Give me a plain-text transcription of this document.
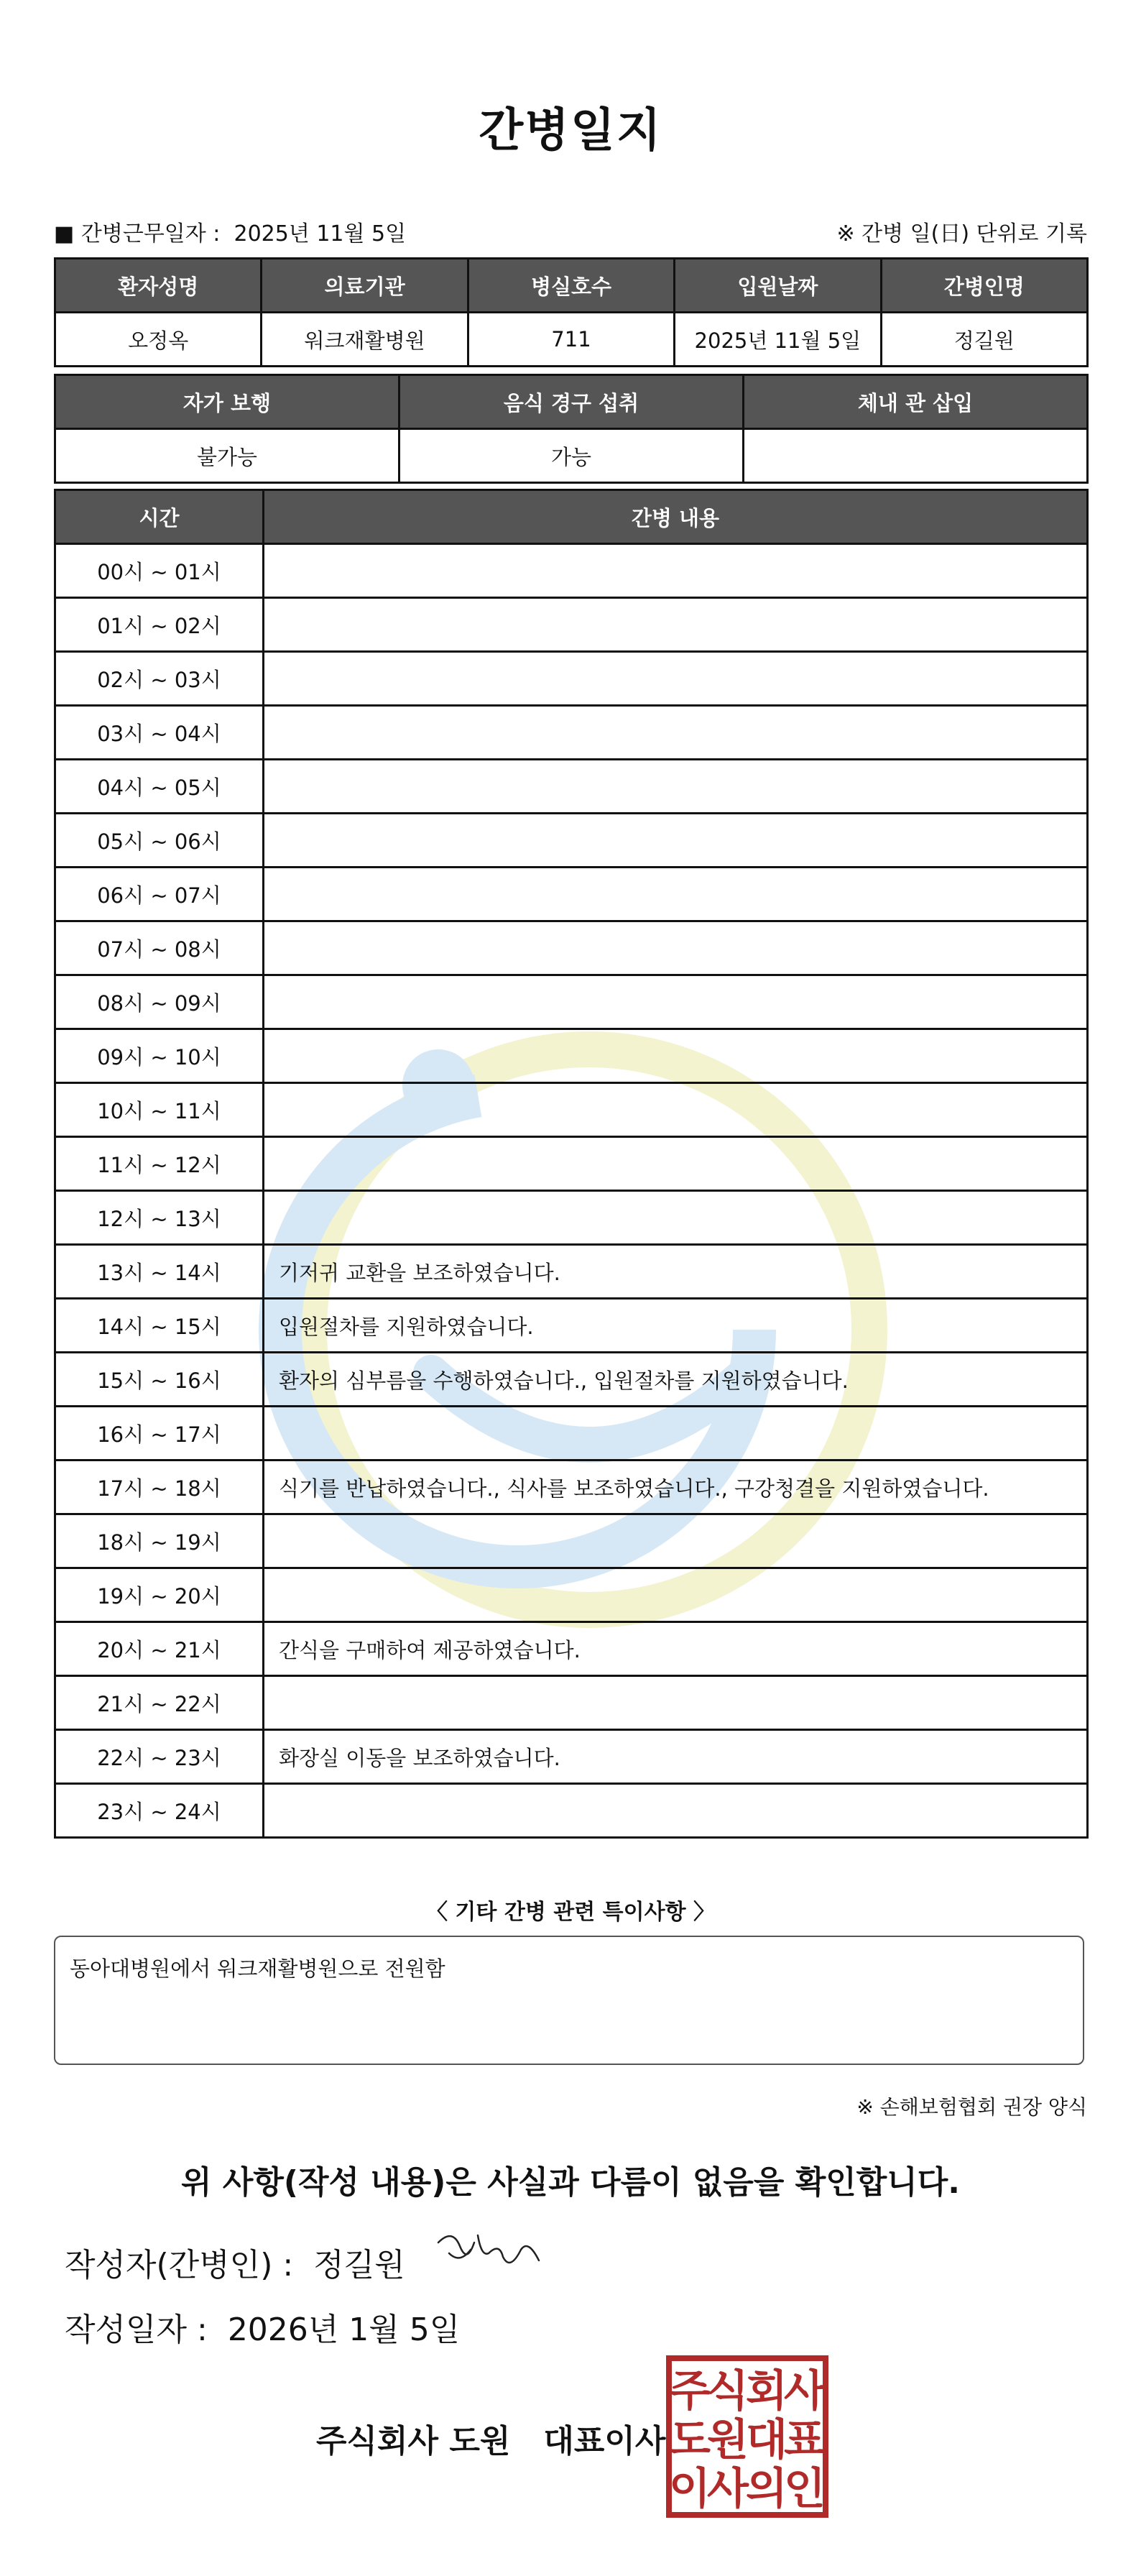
간병일지
■ 간병근무일자 : 2025년 11월 5일	※ 간병 일(日) 단위로 기록
환자성명	의료기관	병실호수	입원날짜	간병인명
오정옥	워크재활병원	711	2025년 11월 5일	정길원
자가 보행	음식 경구 섭취	체내 관 삽입
불가능	가능	
시간	간병 내용
00시 ~ 01시	
01시 ~ 02시	
02시 ~ 03시	
03시 ~ 04시	
04시 ~ 05시	
05시 ~ 06시	
06시 ~ 07시	
07시 ~ 08시	
08시 ~ 09시	
09시 ~ 10시	
10시 ~ 11시	
11시 ~ 12시	
12시 ~ 13시	
13시 ~ 14시	기저귀 교환을 보조하였습니다.
14시 ~ 15시	입원절차를 지원하였습니다.
15시 ~ 16시	환자의 심부름을 수행하였습니다., 입원절차를 지원하였습니다.
16시 ~ 17시	
17시 ~ 18시	식기를 반납하였습니다., 식사를 보조하였습니다., 구강청결을 지원하였습니다.
18시 ~ 19시	
19시 ~ 20시	
20시 ~ 21시	간식을 구매하여 제공하였습니다.
21시 ~ 22시	
22시 ~ 23시	화장실 이동을 보조하였습니다.
23시 ~ 24시	
〈 기타 간병 관련 특이사항 〉
동아대병원에서 워크재활병원으로 전원함
※ 손해보험협회 권장 양식
위 사항(작성 내용)은 사실과 다름이 없음을 확인합니다.
작성자(간병인) : 정길원
작성일자 : 2026년 1월 5일
주식회사 도원 대표이사
주
식
회
사
도
원
대
표
이
사
의
인
